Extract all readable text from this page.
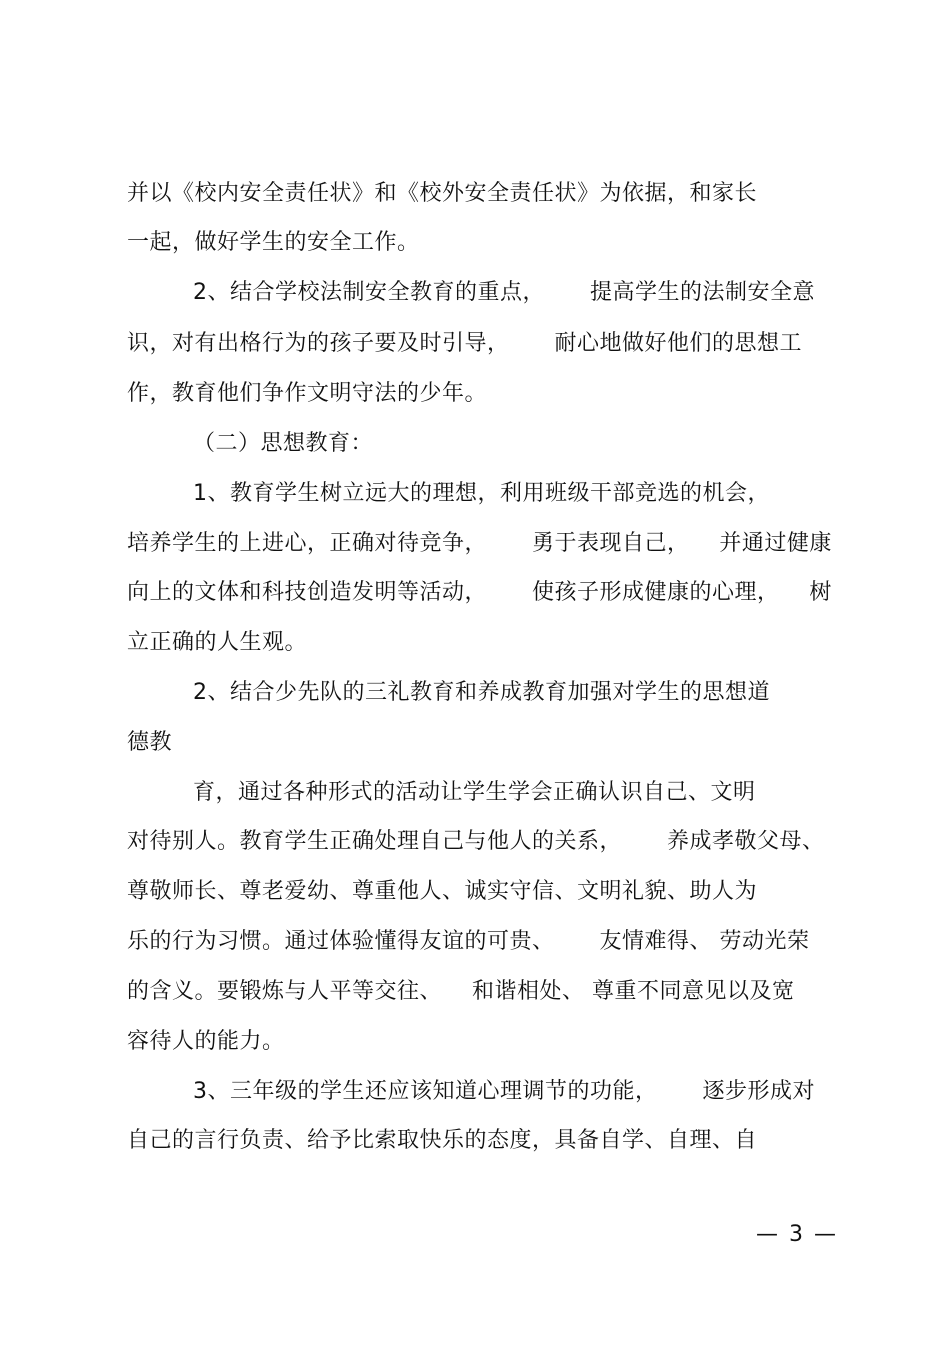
并以《校内安全责任状》和《校外安全责任状》为依据，和家长
一起，做好学生的安全工作。
2、结合学校法制安全教育的重点，      提高学生的法制安全意
识，对有出格行为的孩子要及时引导，      耐心地做好他们的思想工
作，教育他们争作文明守法的少年。
（二）思想教育：
1、教育学生树立远大的理想，利用班级干部竞选的机会，
培养学生的上进心，正确对待竞争，      勇于表现自己，    并通过健康
向上的文体和科技创造发明等活动，      使孩子形成健康的心理，    树
立正确的人生观。
2、结合少先队的三礼教育和养成教育加强对学生的思想道
德教
育，通过各种形式的活动让学生学会正确认识自己、文明
对待别人。教育学生正确处理自己与他人的关系，      养成孝敬父母、
尊敬师长、尊老爱幼、尊重他人、诚实守信、文明礼貌、助人为
乐的行为习惯。通过体验懂得友谊的可贵、      友情难得、 劳动光荣
的含义。要锻炼与人平等交往、    和谐相处、 尊重不同意见以及宽
容待人的能力。
3、三年级的学生还应该知道心理调节的功能，      逐步形成对
自己的言行负责、给予比索取快乐的态度，具备自学、自理、自
— 3 —
